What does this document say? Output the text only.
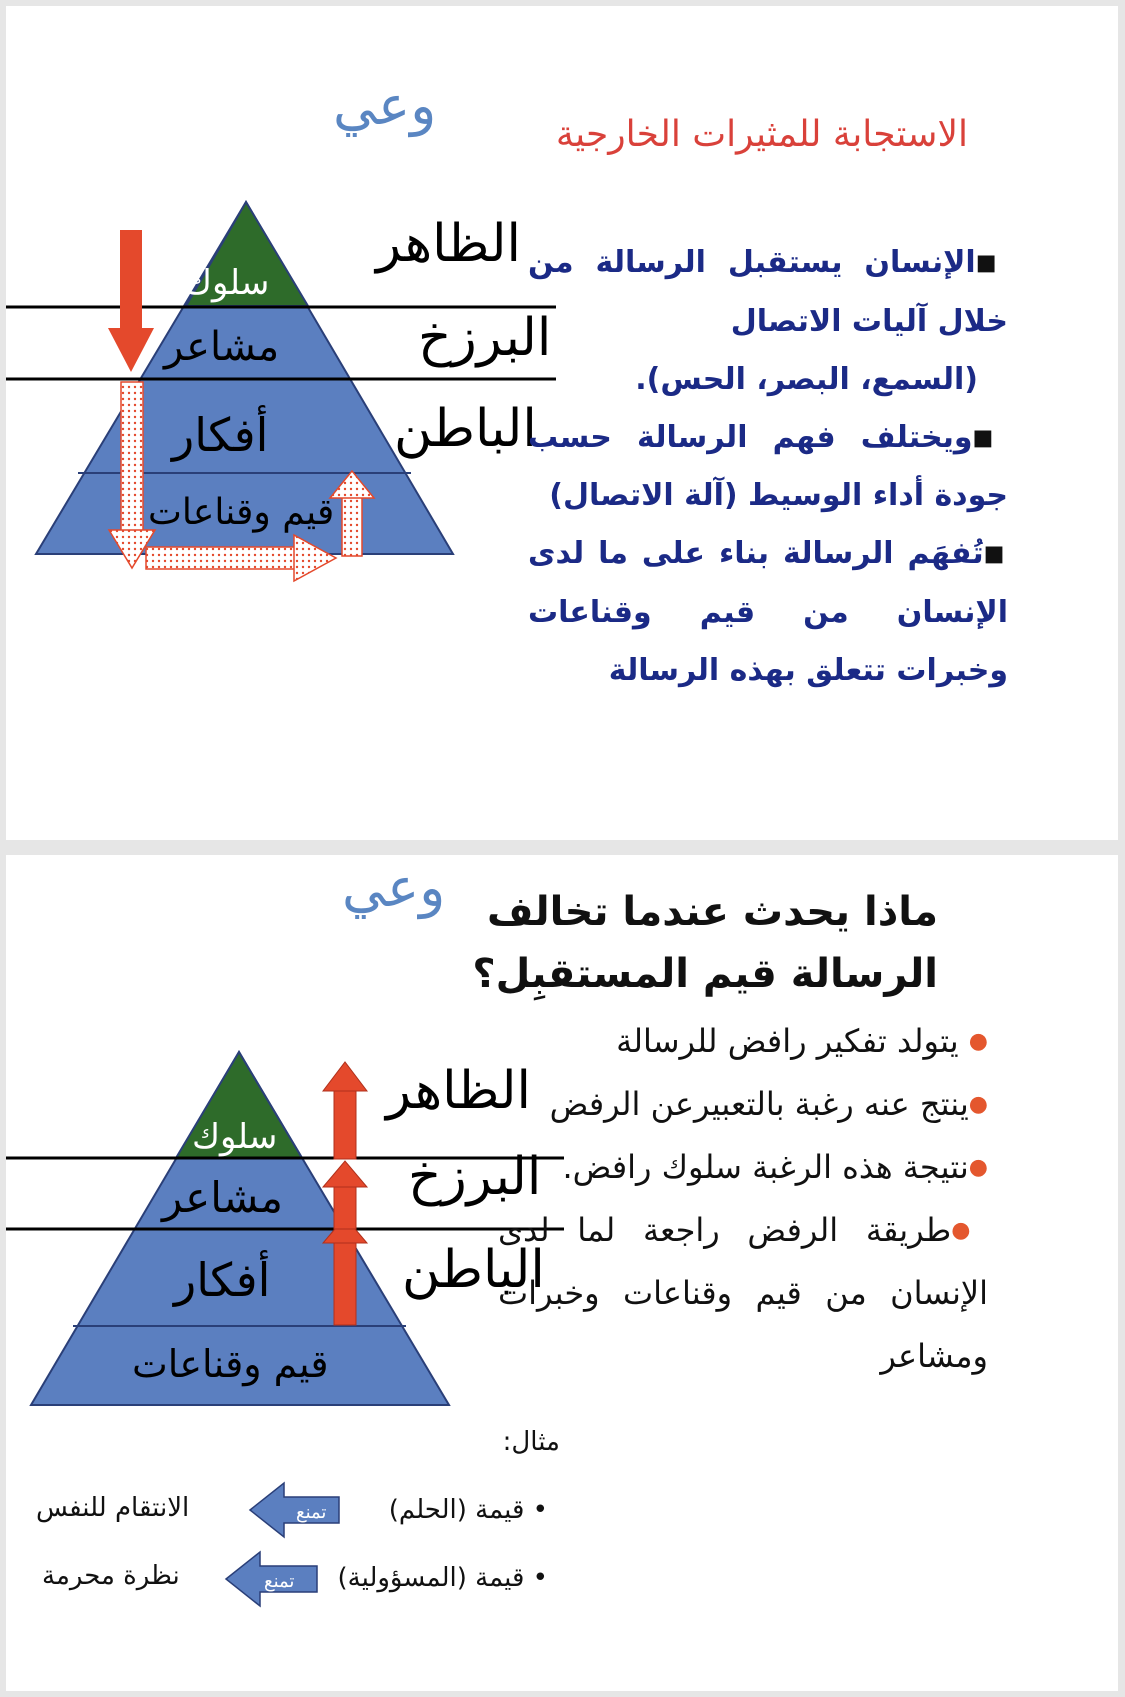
وعي
سلوك
مشاعر
أفكار
قيم وقناعات
الظاهر
البرزخ
الباطن
الاستجابة للمثيرات الخارجية

■الإنسان يستقبل الرسالة من خلال آليات الاتصال

(السمع، البصر، الحس).

■ويختلف فهم الرسالة حسب جودة أداء الوسيط (آلة الاتصال)

■تُفهَم الرسالة بناء على ما لدى الإنسان من قيم وقناعات وخبرات تتعلق بهذه الرسالة

وعي
سلوك
مشاعر
أفكار
قيم وقناعات
الظاهر
البرزخ
الباطن
ماذا يحدث عندما تخالف الرسالة قيم المستقبِل؟

● يتولد تفكير رافض للرسالة

●ينتج عنه رغبة بالتعبيرعن الرفض

●نتيجة هذه الرغبة سلوك رافض.

●طريقة الرفض راجعة لما لدى الإنسان من قيم وقناعات وخبرات ومشاعر

مثال:
• قيمة (الحلم)
تمنع
الانتقام للنفس
• قيمة (المسؤولية)
تمنع
نظرة محرمة
